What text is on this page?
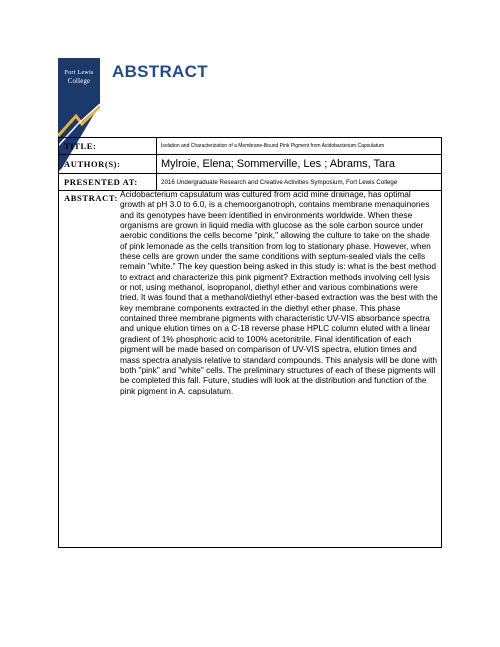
Fort Lewis
College
ABSTRACT
TITLE:	Isolation and Characterization of a Membrane-Bound Pink Pigment from Acidobacterium Capsulatum
AUTHOR(S):	Mylroie, Elena; Sommerville, Les ; Abrams, Tara
PRESENTED AT:	2016 Undergraduate Research and Creative Activities Symposium, Fort Lewis College
ABSTRACT: Acidobacterium capsulatum was cultured from acid mine drainage, has optimal growth at pH 3.0 to 6.0, is a chemoorganotroph, contains membrane menaquinones and its genotypes have been identified in environments worldwide. When these organisms are grown in liquid media with glucose as the sole carbon source under aerobic conditions the cells become "pink," allowing the culture to take on the shade of pink lemonade as the cells transition from log to stationary phase. However, when these cells are grown under the same conditions with septum-sealed vials the cells remain "white." The key question being asked in this study is: what is the best method to extract and characterize this pink pigment? Extraction methods involving cell lysis or not, using methanol, isopropanol, diethyl ether and various combinations were tried. It was found that a methanol/diethyl ether-based extraction was the best with the key membrane components extracted in the diethyl ether phase. This phase contained three membrane pigments with characteristic UV-VIS absorbance spectra and unique elution times on a C-18 reverse phase HPLC column eluted with a linear gradient of 1% phosphoric acid to 100% acetonitrile. Final identification of each pigment will be made based on comparison of UV-VIS spectra, elution times and mass spectra analysis relative to standard compounds. This analysis will be done with both "pink" and "white" cells. The preliminary structures of each of these pigments will be completed this fall. Future, studies will look at the distribution and function of the pink pigment in A. capsulatum.
